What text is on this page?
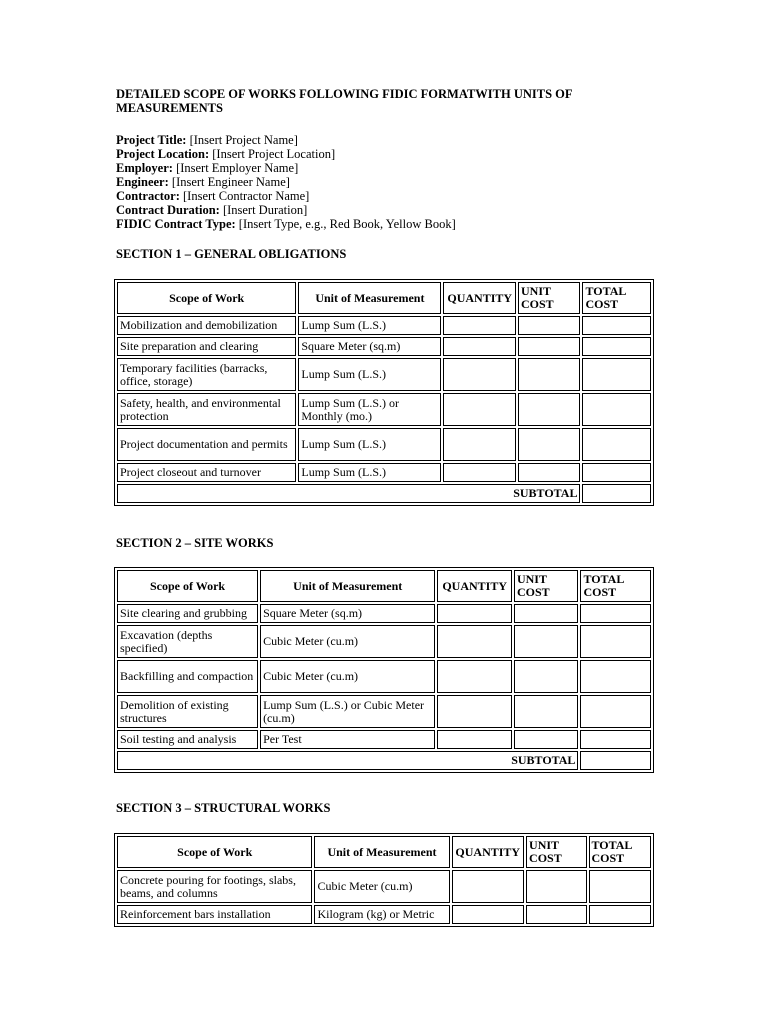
DETAILED SCOPE OF WORKS FOLLOWING FIDIC FORMATWITH UNITS OF MEASUREMENTS
Project Title: [Insert Project Name]
Project Location: [Insert Project Location]
Employer: [Insert Employer Name]
Engineer: [Insert Engineer Name]
Contractor: [Insert Contractor Name]
Contract Duration: [Insert Duration]
FIDIC Contract Type: [Insert Type, e.g., Red Book, Yellow Book]
SECTION 1 – GENERAL OBLIGATIONS
Scope of Work	Unit of Measurement	QUANTITY	UNIT COST	TOTAL COST
Mobilization and demobilization	Lump Sum (L.S.)			
Site preparation and clearing	Square Meter (sq.m)			
Temporary facilities (barracks, office, storage)	Lump Sum (L.S.)			
Safety, health, and environmental protection	Lump Sum (L.S.) or Monthly (mo.)			
Project documentation and permits	Lump Sum (L.S.)			
Project closeout and turnover	Lump Sum (L.S.)			
SUBTOTAL				
SECTION 2 – SITE WORKS
Scope of Work	Unit of Measurement	QUANTITY	UNIT COST	TOTAL COST
Site clearing and grubbing	Square Meter (sq.m)			
Excavation (depths specified)	Cubic Meter (cu.m)			
Backfilling and compaction	Cubic Meter (cu.m)			
Demolition of existing structures	Lump Sum (L.S.) or Cubic Meter (cu.m)			
Soil testing and analysis	Per Test			
SUBTOTAL				
SECTION 3 – STRUCTURAL WORKS
Scope of Work	Unit of Measurement	QUANTITY	UNIT COST	TOTAL COST
Concrete pouring for footings, slabs, beams, and columns	Cubic Meter (cu.m)			
Reinforcement bars installation	Kilogram (kg) or Metric			
